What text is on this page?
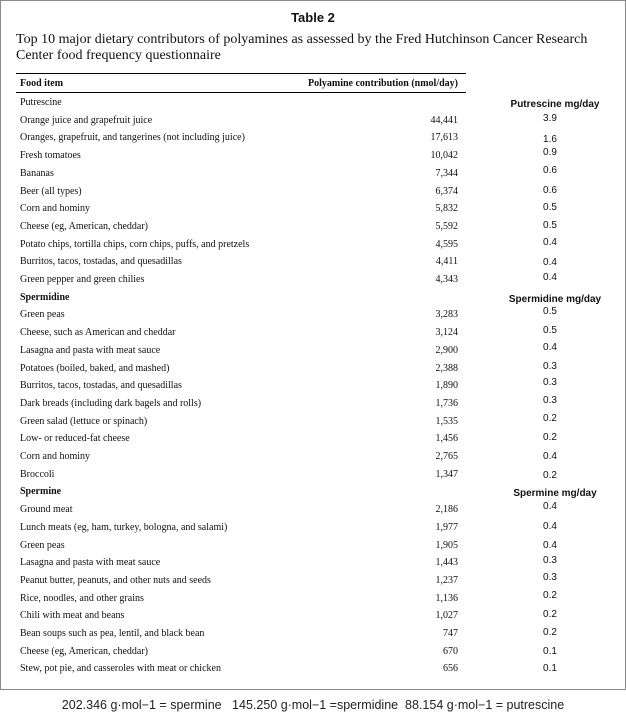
Table 2
Top 10 major dietary contributors of polyamines as assessed by the Fred Hutchinson Cancer Research Center food frequency questionnaire
Food item	Polyamine contribution (nmol/day)
Putrescine	Putrescine mg/day
Orange juice and grapefruit juice	44,441	3.9
Oranges, grapefruit, and tangerines (not including juice)	17,613	1.6
Fresh tomatoes	10,042	0.9
Bananas	7,344	0.6
Beer (all types)	6,374	0.6
Corn and hominy	5,832	0.5
Cheese (eg, American, cheddar)	5,592	0.5
Potato chips, tortilla chips, corn chips, puffs, and pretzels	4,595	0.4
Burritos, tacos, tostadas, and quesadillas	4,411	0.4
Green pepper and green chilies	4,343	0.4
Spermidine	Spermidine mg/day
Green peas	3,283	0.5
Cheese, such as American and cheddar	3,124	0.5
Lasagna and pasta with meat sauce	2,900	0.4
Potatoes (boiled, baked, and mashed)	2,388	0.3
Burritos, tacos, tostadas, and quesadillas	1,890	0.3
Dark breads (including dark bagels and rolls)	1,736	0.3
Green salad (lettuce or spinach)	1,535	0.2
Low- or reduced-fat cheese	1,456	0.2
Corn and hominy	2,765	0.4
Broccoli	1,347	0.2
Spermine	Spermine mg/day
Ground meat	2,186	0.4
Lunch meats (eg, ham, turkey, bologna, and salami)	1,977	0.4
Green peas	1,905	0.4
Lasagna and pasta with meat sauce	1,443	0.3
Peanut butter, peanuts, and other nuts and seeds	1,237	0.3
Rice, noodles, and other grains	1,136	0.2
Chili with meat and beans	1,027	0.2
Bean soups such as pea, lentil, and black bean	747	0.2
Cheese (eg, American, cheddar)	670	0.1
Stew, pot pie, and casseroles with meat or chicken	656	0.1
202.346 g·mol−1 = spermine   145.250 g·mol−1 =spermidine  88.154 g·mol−1 = putrescine
